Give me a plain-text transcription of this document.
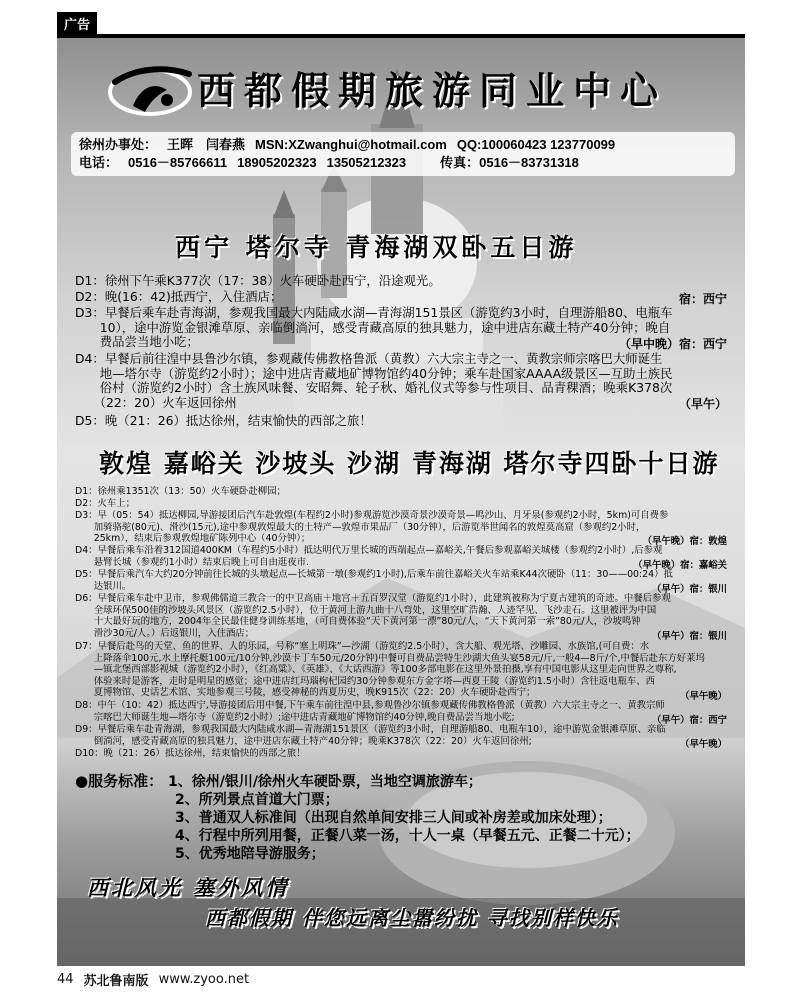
广告
西都假期旅游同业中心
徐州办事处： 王晖　闫春燕 MSN:XZwanghui@hotmail.com QQ:100060423 123770099
电话： 0516－85766611 18905202323 13505212323	传真：0516－83731318
西宁 塔尔寺 青海湖双卧五日游
D1：徐州下午乘K377次（17：38）火车硬卧赴西宁，沿途观光。
D2：晚(16：42)抵西宁，入住酒店；	宿：西宁
D3：早餐后乘车赴青海湖，参观我国最大内陆咸水湖—青海湖151景区（游览约3小时，自理游船80、电瓶车
　　10），途中游览金银滩草原、亲临倒淌河，感受青藏高原的独具魅力，途中进店东藏土特产40分钟；晚自
　　费品尝当地小吃；	（早中晚）宿：西宁
D4：早餐后前往湟中县鲁沙尔镇，参观藏传佛教格鲁派（黄教）六大宗主寺之一、黄教宗师宗喀巴大师诞生
　　地—塔尔寺（游览约2小时）；途中进店青藏地矿博物馆约40分钟；乘车赴国家AAAA级景区—互助土族民
　　俗村（游览约2小时）含土族风味餐、安昭舞、轮子秋、婚礼仪式等参与性项目、品青稞酒；晚乘K378次
　　（22：20）火车返回徐州	（早午）
D5：晚（21：26）抵达徐州，结束愉快的西部之旅！
敦煌 嘉峪关 沙坡头 沙湖 青海湖 塔尔寺四卧十日游
D1：徐州乘1351次（13：50）火车硬卧赴柳园；
D2：火车上；
D3：早（05：54）抵达柳园,导游接团后汽车赴敦煌(车程约2小时)参观游览沙漠奇景沙漠奇景—鸣沙山、月牙泉(参观约2小时，5km)可自费参
　　加骑骆驼(80元)、滑沙(15元),途中参观敦煌最大的土特产—敦煌市果品厂（30分钟），后游览举世闻名的敦煌莫高窟（参观约2小时，
　　25km），结束后参观敦煌地矿陈列中心（40分钟）；	（早午晚）宿：敦煌
D4：早餐后乘车沿着312国道400KM（车程约5小时）抵达明代万里长城的西端起点—嘉峪关,午餐后参观嘉峪关城楼（参观约2小时）,后参观
　　悬臂长城（参观约1小时）结束后晚上可自由逛夜市.	（早午晚）宿：嘉峪关
D5：早餐后乘汽车大约20分钟前往长城的头墩起点—长城第一墩(参观约1小时),后乘车前往嘉峪关火车站乘K44次硬卧（11：30——00:24）抵
　　达银川。	（早午）宿：银川
D6：早餐后乘车赴中卫市，参观佛儒道三教合一的中卫高庙＋地宫＋五百罗汉堂（游览约1小时），此建筑被称为宁夏古建筑的奇迹。中餐后参观
　　全球环保500佳的沙坡头风景区（游览约2.5小时），位于黄河上游九曲十八弯处，这里空旷浩瀚、人迹罕见、飞沙走石。这里被评为中国
　　十大最好玩的地方，2004年全民最佳健身训练基地，（可自费体验“天下黄河第一漂”80元/人，“天下黄河第一索”80元/人，沙坡鸣钟
　　滑沙30元/人。）后返银川，入住酒店；	（早午）宿：银川
D7：早餐后赴鸟的天堂、鱼的世界、人的乐园，号称“塞上明珠”—沙湖（游览约2.5小时），含大船、观光塔、沙雕园、水族馆,(可自费：水
　　上降落伞100元,水上摩托艇100元/10分钟,沙漠卡丁车50元/20分钟)中餐可自费品尝特生沙湖大鱼头宴58元/斤,一般4—8斤/个,中餐后赴东方好莱坞
　　—镇北堡西部影视城（游览约2小时），《红高粱》、《英雄》、《大话西游》等100多部电影在这里外景拍摄,享有中国电影从这里走向世界之尊称,
　　体验来时是游客，走时是明星的感觉；途中进店红玛瑙枸杞园约30分钟参观东方金字塔—西夏王陵（游览约1.5小时）含往返电瓶车、西
　　夏博物馆、史话艺术馆、实地参观三号陵，感受神秘的西夏历史，晚K915次（22：20）火车硬卧赴西宁；	（早午晚）
D8：中午（10：42）抵达西宁,导游接团后用中餐,下午乘车前往湟中县,参观鲁沙尔镇参观藏传佛教格鲁派（黄教）六大宗主寺之一、黄教宗师
　　宗喀巴大师诞生地—塔尔寺（游览约2小时）;途中进店青藏地矿博物馆约40分钟,晚自费品尝当地小吃;	（早午）宿：西宁
D9：早餐后乘车赴青海湖，参观我国最大内陆咸水湖—青海湖151景区（游览约3小时，自理游船80、电瓶车10），途中游览金银滩草原、亲临
　　倒淌河，感受青藏高原的独具魅力，途中进店东藏土特产40分钟；晚乘K378次（22：20）火车返回徐州;	（早午晚）
D10：晚（21：26）抵达徐州，结束愉快的西部之旅！
●服务标准： 1、徐州/银川/徐州火车硬卧票，当地空调旅游车；
2、所列景点首道大门票；
3、普通双人标准间（出现自然单间安排三人间或补房差或加床处理）；
4、行程中所列用餐，正餐八菜一汤，十人一桌（早餐五元、正餐二十元）；
5、优秀地陪导游服务；
西北风光 塞外风情
西都假期 伴您远离尘嚣纷扰 寻找别样快乐
44 苏北鲁南版 www.zyoo.net
